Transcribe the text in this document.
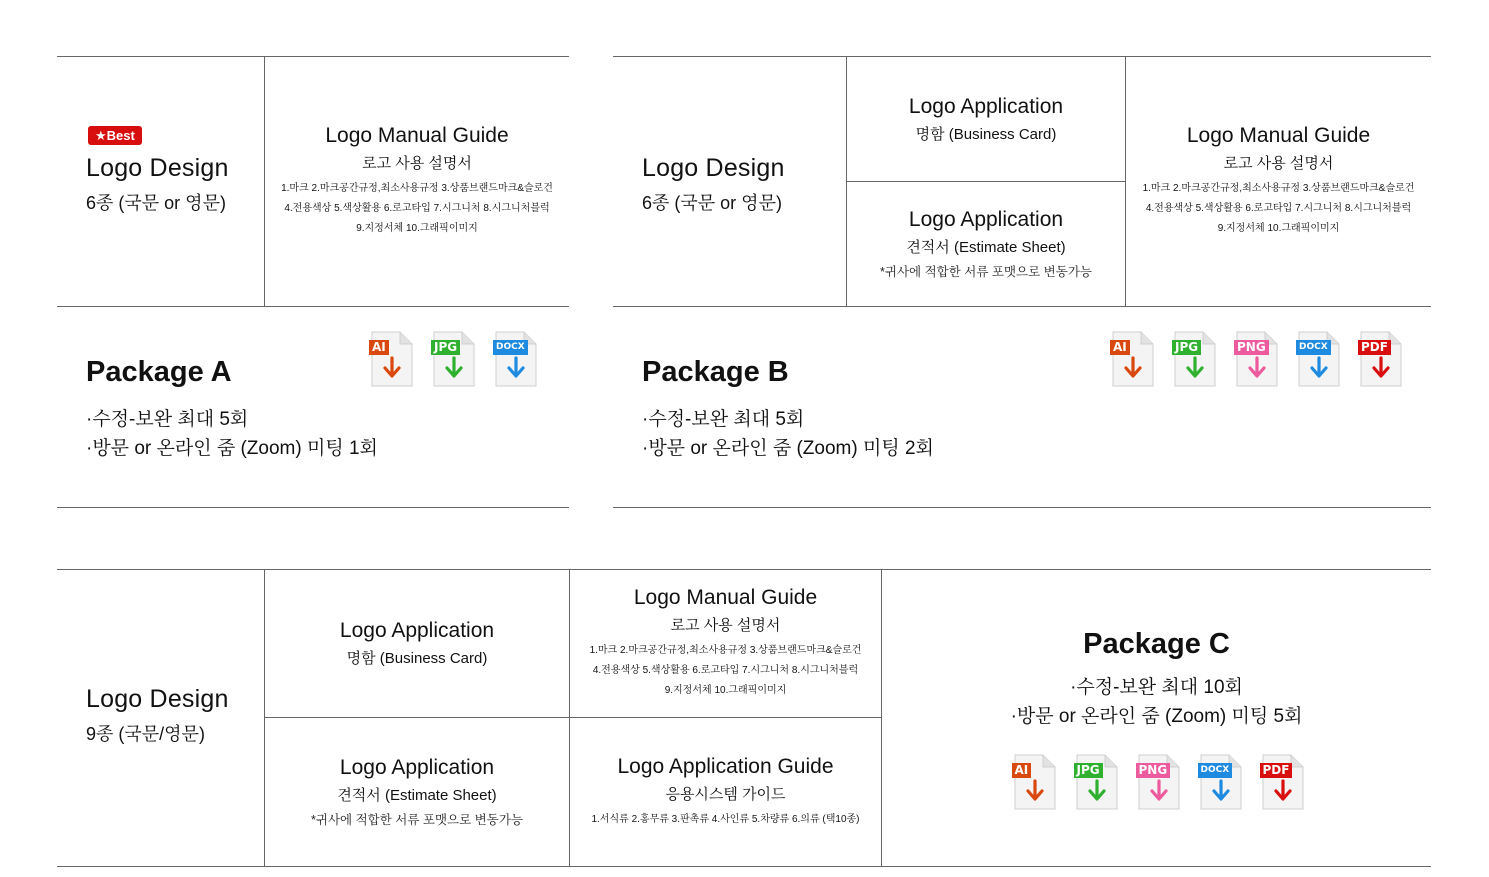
★Best
Logo Design
6종 (국문 or 영문)
Logo Manual Guide
로고 사용 설명서
1.마크 2.마크공간규정,최소사용규정 3.상품브랜드마크&슬로건
4.전용색상 5.색상활용 6.로고타입 7.시그니처 8.시그니처블럭
9.지정서체 10.그래픽이미지
Package A
AI	JPG	DOCX
·수정-보완 최대 5회
·방문 or 온라인 줌 (Zoom) 미팅 1회
Logo Design
6종 (국문 or 영문)
Logo Application
명함 (Business Card)
Logo Application
견적서 (Estimate Sheet)
*귀사에 적합한 서류 포맷으로 변동가능
Logo Manual Guide
로고 사용 설명서
1.마크 2.마크공간규정,최소사용규정 3.상품브랜드마크&슬로건
4.전용색상 5.색상활용 6.로고타입 7.시그니처 8.시그니처블럭
9.지정서체 10.그래픽이미지
Package B
AI	JPG	PNG	DOCX	PDF
·수정-보완 최대 5회
·방문 or 온라인 줌 (Zoom) 미팅 2회
Logo Design
9종 (국문/영문)
Logo Application
명함 (Business Card)
Logo Application
견적서 (Estimate Sheet)
*귀사에 적합한 서류 포맷으로 변동가능
Logo Manual Guide
로고 사용 설명서
1.마크 2.마크공간규정,최소사용규정 3.상품브랜드마크&슬로건
4.전용색상 5.색상활용 6.로고타입 7.시그니처 8.시그니처블럭
9.지정서체 10.그래픽이미지
Logo Application Guide
응용시스템 가이드
1.서식류 2.홍무류 3.판촉류 4.사인류 5.차량류 6.의류 (택10종)
Package C
·수정-보완 최대 10회
·방문 or 온라인 줌 (Zoom) 미팅 5회
AI	JPG	PNG	DOCX	PDF
